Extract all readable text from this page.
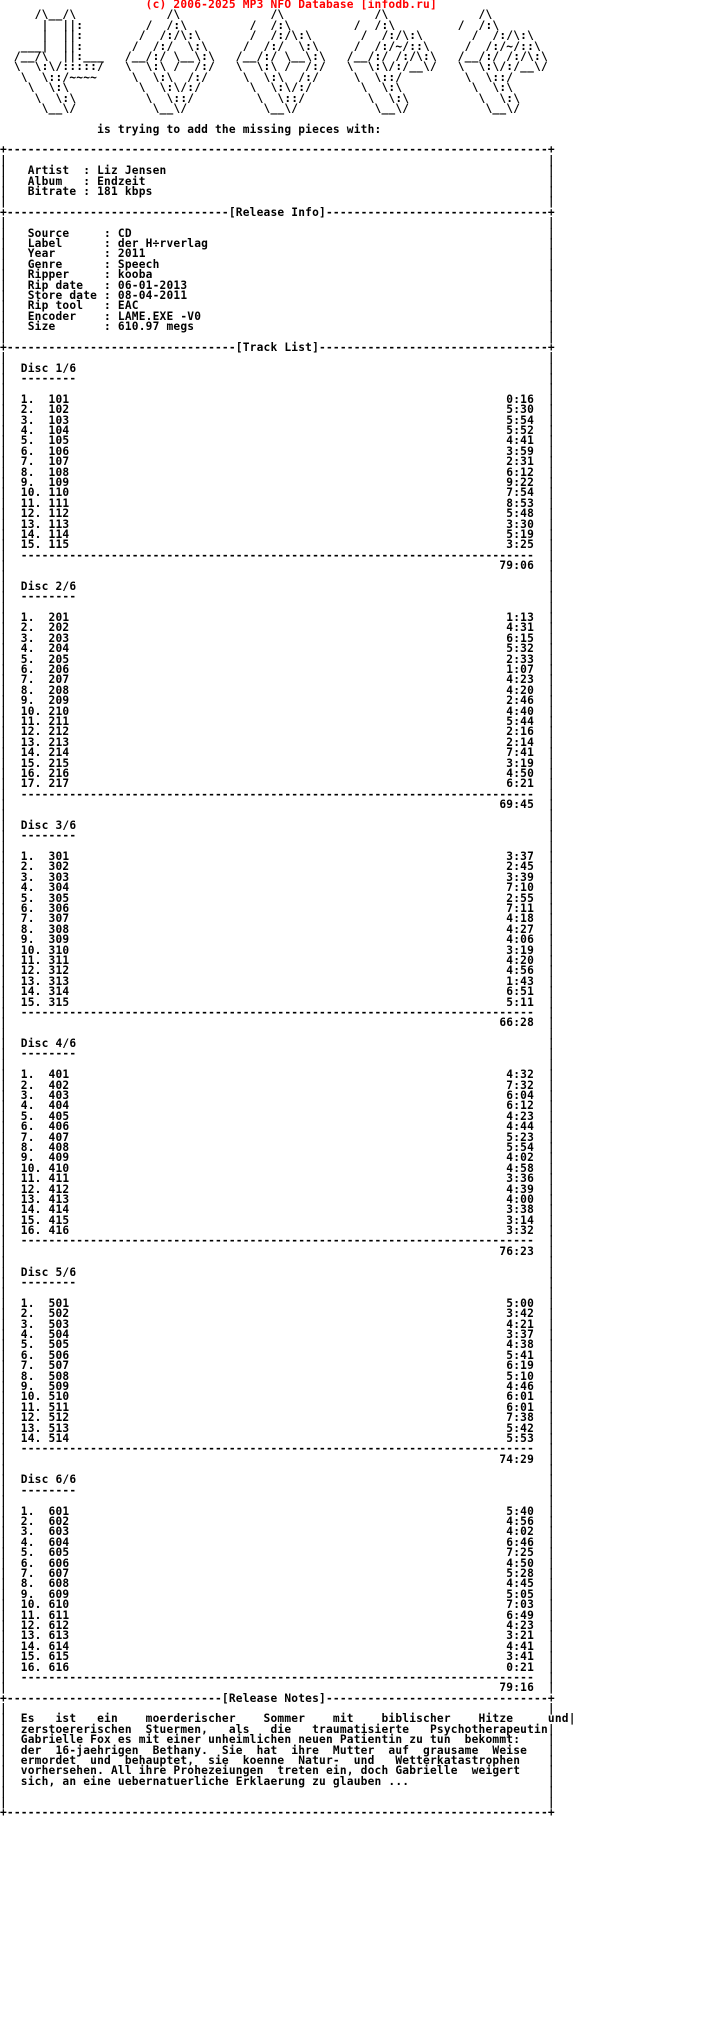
(c) 2006-2025 MP3 NFO Database [infodb.ru]
/\__/\             /\             /\             /\             /\
|  ||:         /  /:\         /  /:\         /  /:\         /  /:\
|  ||:        /  /:/\:\       /  /:/\:\       /  /:/\:\       /  /:/\:\
___|  ||:       /  /:/  \:\     /  /:/  \:\     /  /:/~/::\     /  /:/~/::\
/__/\  ||:___   /__/:/ \__\:\   /__/:/ \__\:\   /__/:/ /:/\:\   /__/:/ /:/\:\
\  \:\/:::::/   \  \:\ /  /:/   \  \:\ /  /:/   \  \:\/:/__\/   \  \:\/:/__\/
\  \::/~~~~     \  \:\  /:/     \  \:\  /:/     \  \::/         \  \::/
\  \:\          \  \:\/:/       \  \:\/:/       \  \:\          \  \:\
\  \:\          \  \::/         \  \::/         \  \:\          \  \:\
\__\/           \__\/           \__\/           \__\/           \__\/
is trying to add the missing pieces with:
+------------------------------------------------------------------------------+
|                                                                              |
|   Artist  : Liz Jensen                                                       |
|   Album   : Endzeit                                                          |
|   Bitrate : 181 kbps                                                         |
|                                                                              |
+--------------------------------[Release Info]--------------------------------+
|                                                                              |
|   Source     : CD                                                            |
|   Label      : der H÷rverlag                                                 |
|   Year       : 2011                                                          |
|   Genre      : Speech                                                        |
|   Ripper     : kooba                                                         |
|   Rip date   : 06-01-2013                                                    |
|   Store date : 08-04-2011                                                    |
|   Rip tool   : EAC                                                           |
|   Encoder    : LAME.EXE -V0                                                  |
|   Size       : 610.97 megs                                                   |
|                                                                              |
+---------------------------------[Track List]---------------------------------+
|                                                                              |
|  Disc 1/6                                                                    |
|  --------                                                                    |
|                                                                              |
|  1.  101                                                               0:16  |
|  2.  102                                                               5:30  |
|  3.  103                                                               5:54  |
|  4.  104                                                               5:52  |
|  5.  105                                                               4:41  |
|  6.  106                                                               3:59  |
|  7.  107                                                               2:31  |
|  8.  108                                                               6:12  |
|  9.  109                                                               9:22  |
|  10. 110                                                               7:54  |
|  11. 111                                                               8:53  |
|  12. 112                                                               5:48  |
|  13. 113                                                               3:30  |
|  14. 114                                                               5:19  |
|  15. 115                                                               3:25  |
|  --------------------------------------------------------------------------  |
|                                                                       79:06  |
|                                                                              |
|  Disc 2/6                                                                    |
|  --------                                                                    |
|                                                                              |
|  1.  201                                                               1:13  |
|  2.  202                                                               4:31  |
|  3.  203                                                               6:15  |
|  4.  204                                                               5:32  |
|  5.  205                                                               2:33  |
|  6.  206                                                               1:07  |
|  7.  207                                                               4:23  |
|  8.  208                                                               4:20  |
|  9.  209                                                               2:46  |
|  10. 210                                                               4:40  |
|  11. 211                                                               5:44  |
|  12. 212                                                               2:16  |
|  13. 213                                                               2:14  |
|  14. 214                                                               7:41  |
|  15. 215                                                               3:19  |
|  16. 216                                                               4:50  |
|  17. 217                                                               6:21  |
|  --------------------------------------------------------------------------  |
|                                                                       69:45  |
|                                                                              |
|  Disc 3/6                                                                    |
|  --------                                                                    |
|                                                                              |
|  1.  301                                                               3:37  |
|  2.  302                                                               2:45  |
|  3.  303                                                               3:39  |
|  4.  304                                                               7:10  |
|  5.  305                                                               2:55  |
|  6.  306                                                               7:11  |
|  7.  307                                                               4:18  |
|  8.  308                                                               4:27  |
|  9.  309                                                               4:06  |
|  10. 310                                                               3:19  |
|  11. 311                                                               4:20  |
|  12. 312                                                               4:56  |
|  13. 313                                                               1:43  |
|  14. 314                                                               6:51  |
|  15. 315                                                               5:11  |
|  --------------------------------------------------------------------------  |
|                                                                       66:28  |
|                                                                              |
|  Disc 4/6                                                                    |
|  --------                                                                    |
|                                                                              |
|  1.  401                                                               4:32  |
|  2.  402                                                               7:32  |
|  3.  403                                                               6:04  |
|  4.  404                                                               6:12  |
|  5.  405                                                               4:23  |
|  6.  406                                                               4:44  |
|  7.  407                                                               5:23  |
|  8.  408                                                               5:54  |
|  9.  409                                                               4:02  |
|  10. 410                                                               4:58  |
|  11. 411                                                               3:36  |
|  12. 412                                                               4:39  |
|  13. 413                                                               4:00  |
|  14. 414                                                               3:38  |
|  15. 415                                                               3:14  |
|  16. 416                                                               3:32  |
|  --------------------------------------------------------------------------  |
|                                                                       76:23  |
|                                                                              |
|  Disc 5/6                                                                    |
|  --------                                                                    |
|                                                                              |
|  1.  501                                                               5:00  |
|  2.  502                                                               3:42  |
|  3.  503                                                               4:21  |
|  4.  504                                                               3:37  |
|  5.  505                                                               4:38  |
|  6.  506                                                               5:41  |
|  7.  507                                                               6:19  |
|  8.  508                                                               5:10  |
|  9.  509                                                               4:46  |
|  10. 510                                                               6:01  |
|  11. 511                                                               6:01  |
|  12. 512                                                               7:38  |
|  13. 513                                                               5:42  |
|  14. 514                                                               5:53  |
|  --------------------------------------------------------------------------  |
|                                                                       74:29  |
|                                                                              |
|  Disc 6/6                                                                    |
|  --------                                                                    |
|                                                                              |
|  1.  601                                                               5:40  |
|  2.  602                                                               4:56  |
|  3.  603                                                               4:02  |
|  4.  604                                                               6:46  |
|  5.  605                                                               7:25  |
|  6.  606                                                               4:50  |
|  7.  607                                                               5:28  |
|  8.  608                                                               4:45  |
|  9.  609                                                               5:05  |
|  10. 610                                                               7:03  |
|  11. 611                                                               6:49  |
|  12. 612                                                               4:23  |
|  13. 613                                                               3:21  |
|  14. 614                                                               4:41  |
|  15. 615                                                               3:41  |
|  16. 616                                                               0:21  |
|  --------------------------------------------------------------------------  |
|                                                                       79:16  |
+-------------------------------[Release Notes]--------------------------------+
|                                                                              |
|  Es   ist   ein    moerderischer    Sommer    mit    biblischer    Hitze     und|
|  zerstoererischen  Stuermen,   als   die   traumatisierte   Psychotherapeutin|
|  Gabrielle Fox es mit einer unheimlichen neuen Patientin zu tun  bekommt:    |
|  der  16-jaehrigen  Bethany.  Sie  hat  ihre  Mutter  auf  grausame  Weise   |
|  ermordet  und  behauptet,  sie  koenne  Natur-  und   Wetterkatastrophen    |
|  vorhersehen. All ihre Prohezeiungen  treten ein, doch Gabrielle  weigert    |
|  sich, an eine uebernatuerliche Erklaerung zu glauben ...                    |
|                                                                              |
|                                                                              |
+------------------------------------------------------------------------------+
